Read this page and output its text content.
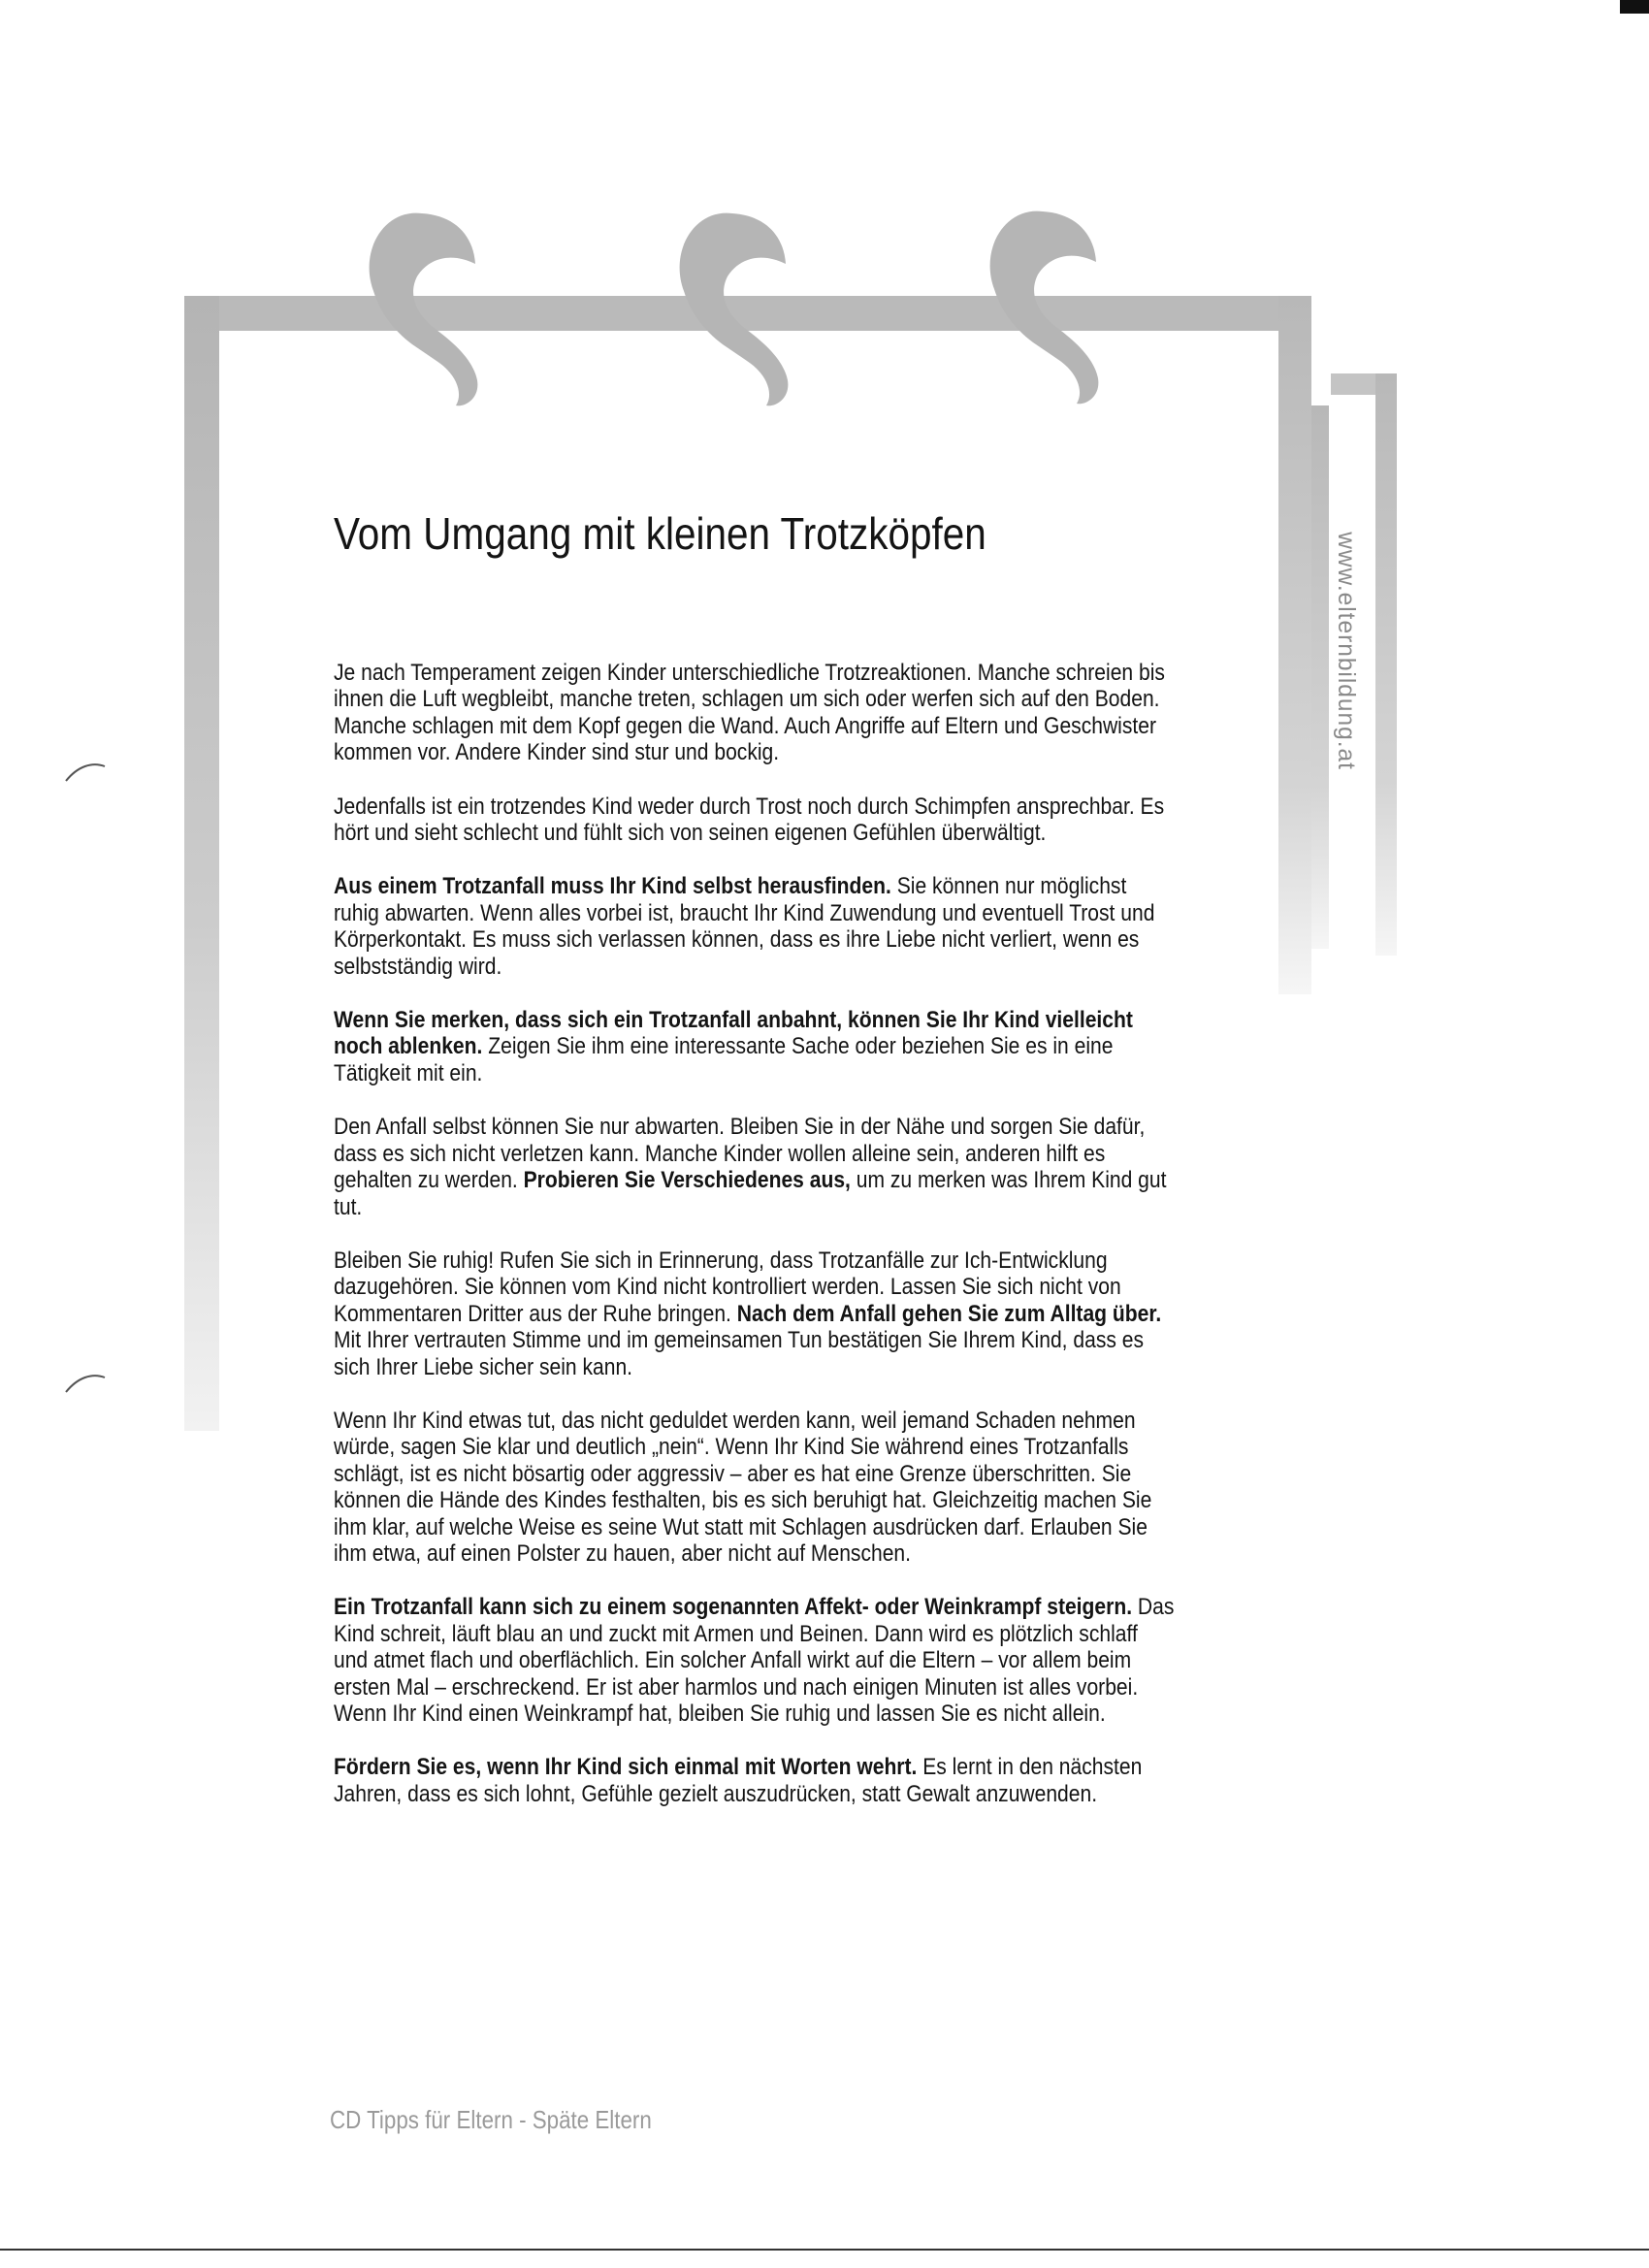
www.elternbildung.at
Vom Umgang mit kleinen Trotzköpfen

Je nach Temperament zeigen Kinder unterschiedliche Trotzreaktionen. Manche schreien bis ihnen die Luft wegbleibt, manche treten, schlagen um sich oder werfen sich auf den Boden. Manche schlagen mit dem Kopf gegen die Wand. Auch Angriffe auf Eltern und Geschwister kommen vor. Andere Kinder sind stur und bockig.

Jedenfalls ist ein trotzendes Kind weder durch Trost noch durch Schimpfen ansprechbar. Es hört und sieht schlecht und fühlt sich von seinen eigenen Gefühlen überwältigt.

Aus einem Trotzanfall muss Ihr Kind selbst herausfinden. Sie können nur möglichst ruhig abwarten. Wenn alles vorbei ist, braucht Ihr Kind Zuwendung und eventuell Trost und Körperkontakt. Es muss sich verlassen können, dass es ihre Liebe nicht verliert, wenn es selbstständig wird.

Wenn Sie merken, dass sich ein Trotzanfall anbahnt, können Sie Ihr Kind vielleicht noch ablenken. Zeigen Sie ihm eine interessante Sache oder beziehen Sie es in eine Tätigkeit mit ein.

Den Anfall selbst können Sie nur abwarten. Bleiben Sie in der Nähe und sorgen Sie dafür, dass es sich nicht verletzen kann. Manche Kinder wollen alleine sein, anderen hilft es gehalten zu werden. Probieren Sie Verschiedenes aus, um zu merken was Ihrem Kind gut tut.

Bleiben Sie ruhig! Rufen Sie sich in Erinnerung, dass Trotzanfälle zur Ich-Entwicklung dazugehören. Sie können vom Kind nicht kontrolliert werden. Lassen Sie sich nicht von Kommentaren Dritter aus der Ruhe bringen. Nach dem Anfall gehen Sie zum Alltag über. Mit Ihrer vertrauten Stimme und im gemeinsamen Tun bestätigen Sie Ihrem Kind, dass es sich Ihrer Liebe sicher sein kann.

Wenn Ihr Kind etwas tut, das nicht geduldet werden kann, weil jemand Schaden nehmen würde, sagen Sie klar und deutlich „nein“. Wenn Ihr Kind Sie während eines Trotzanfalls schlägt, ist es nicht bösartig oder aggressiv – aber es hat eine Grenze überschritten. Sie können die Hände des Kindes festhalten, bis es sich beruhigt hat. Gleichzeitig machen Sie ihm klar, auf welche Weise es seine Wut statt mit Schlagen ausdrücken darf. Erlauben Sie ihm etwa, auf einen Polster zu hauen, aber nicht auf Menschen.

Ein Trotzanfall kann sich zu einem sogenannten Affekt- oder Weinkrampf steigern. Das Kind schreit, läuft blau an und zuckt mit Armen und Beinen. Dann wird es plötzlich schlaff und atmet flach und oberflächlich. Ein solcher Anfall wirkt auf die Eltern – vor allem beim ersten Mal – erschreckend. Er ist aber harmlos und nach einigen Minuten ist alles vorbei. Wenn Ihr Kind einen Weinkrampf hat, bleiben Sie ruhig und lassen Sie es nicht allein.

Fördern Sie es, wenn Ihr Kind sich einmal mit Worten wehrt. Es lernt in den nächsten Jahren, dass es sich lohnt, Gefühle gezielt auszudrücken, statt Gewalt anzuwenden.

CD Tipps für Eltern - Späte Eltern
